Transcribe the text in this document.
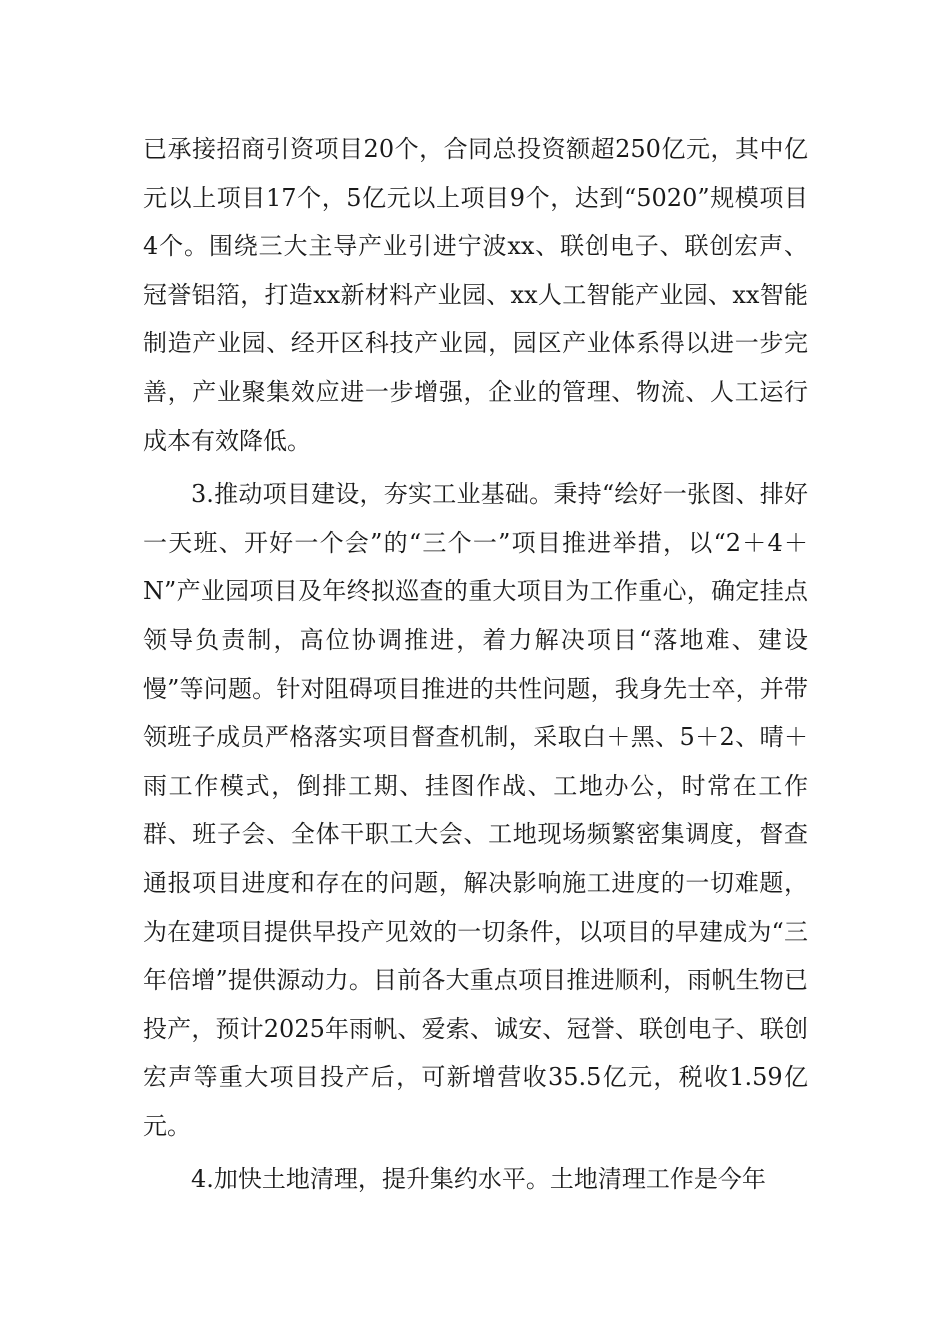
已承接招商引资项目20个，合同总投资额超250亿元，其中亿元以上项目17个，5亿元以上项目9个，达到“5020”规模项目4个。围绕三大主导产业引进宁波xx、联创电子、联创宏声、冠誉铝箔，打造xx新材料产业园、xx人工智能产业园、xx智能制造产业园、经开区科技产业园，园区产业体系得以进一步完善，产业聚集效应进一步增强，企业的管理、物流、人工运行成本有效降低。

3.推动项目建设，夯实工业基础。秉持“绘好一张图、排好一天班、开好一个会”的“三个一”项目推进举措，以“2＋4＋N”产业园项目及年终拟巡查的重大项目为工作重心，确定挂点领导负责制，高位协调推进，着力解决项目“落地难、建设慢”等问题。针对阻碍项目推进的共性问题，我身先士卒，并带领班子成员严格落实项目督查机制，采取白＋黑、5＋2、晴＋雨工作模式，倒排工期、挂图作战、工地办公，时常在工作群、班子会、全体干职工大会、工地现场频繁密集调度，督查通报项目进度和存在的问题，解决影响施工进度的一切难题，为在建项目提供早投产见效的一切条件，以项目的早建成为“三年倍增”提供源动力。目前各大重点项目推进顺利，雨帆生物已投产，预计2025年雨帆、爱索、诚安、冠誉、联创电子、联创宏声等重大项目投产后，可新增营收35.5亿元，税收1.59亿元。

4.加快土地清理，提升集约水平。土地清理工作是今年
